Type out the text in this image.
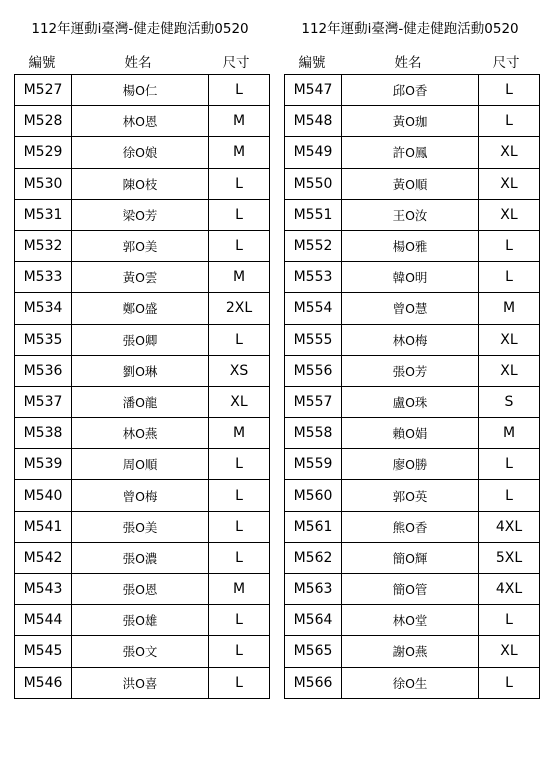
112年運動i臺灣-健走健跑活動0520
編號	姓名	尺寸
M527	楊O仁	L
M528	林O恩	M
M529	徐O娘	M
M530	陳O枝	L
M531	梁O芳	L
M532	郭O美	L
M533	黃O雲	M
M534	鄭O盛	2XL
M535	張O卿	L
M536	劉O琳	XS
M537	潘O龍	XL
M538	林O燕	M
M539	周O順	L
M540	曾O梅	L
M541	張O美	L
M542	張O濃	L
M543	張O恩	M
M544	張O雄	L
M545	張O文	L
M546	洪O喜	L
112年運動i臺灣-健走健跑活動0520
編號	姓名	尺寸
M547	邱O香	L
M548	黃O珈	L
M549	許O鳳	XL
M550	黃O順	XL
M551	王O汝	XL
M552	楊O雅	L
M553	韓O明	L
M554	曾O慧	M
M555	林O梅	XL
M556	張O芳	XL
M557	盧O珠	S
M558	賴O娟	M
M559	廖O勝	L
M560	郭O英	L
M561	熊O香	4XL
M562	簡O輝	5XL
M563	簡O管	4XL
M564	林O堂	L
M565	謝O燕	XL
M566	徐O生	L
